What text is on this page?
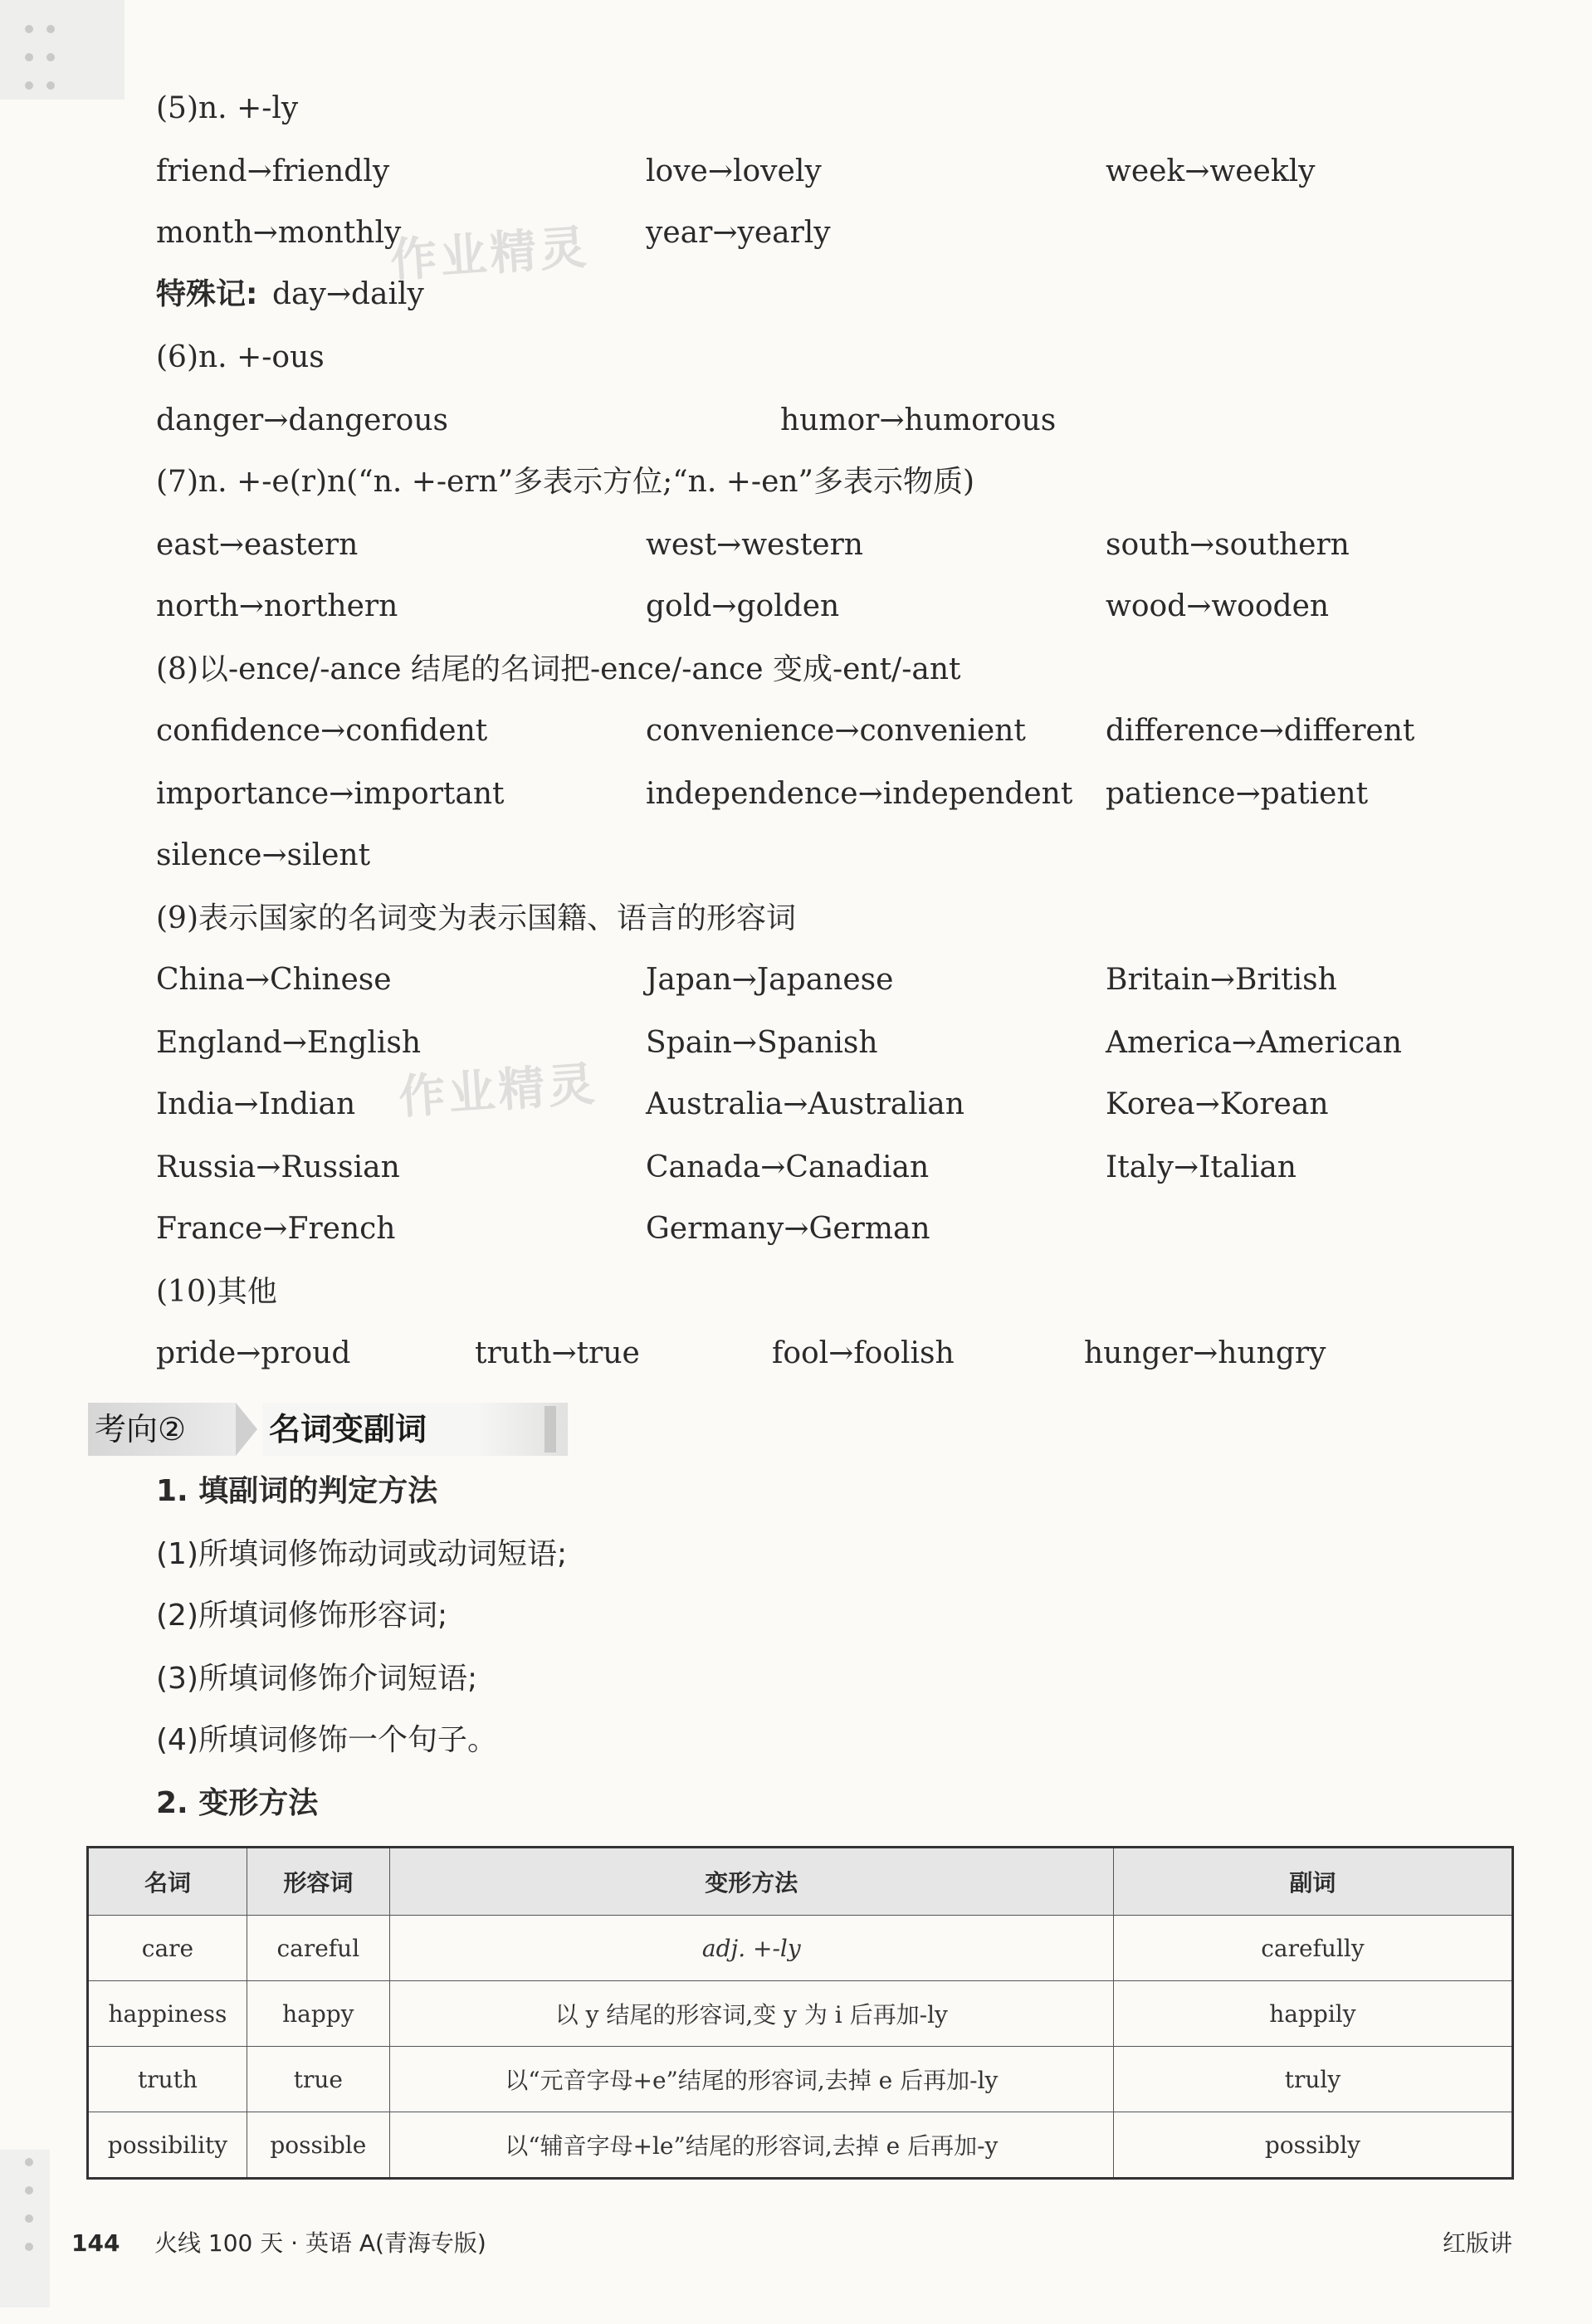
作业精灵
作业精灵
(5)n. +-ly
friend→friendly	love→lovely	week→weekly
month→monthly	year→yearly
特殊记: day→daily
(6)n. +-ous
danger→dangerous	humor→humorous
(7)n. +-e(r)n(“n. +-ern”多表示方位;“n. +-en”多表示物质)
east→eastern	west→western	south→southern
north→northern	gold→golden	wood→wooden
(8)以-ence/-ance 结尾的名词把-ence/-ance 变成-ent/-ant
confidence→confident	convenience→convenient	difference→different
importance→important	independence→independent patience→patient
silence→silent
(9)表示国家的名词变为表示国籍、语言的形容词
China→Chinese	Japan→Japanese	Britain→British
England→English	Spain→Spanish	America→American
India→Indian	Australia→Australian	Korea→Korean
Russia→Russian	Canada→Canadian	Italy→Italian
France→French	Germany→German
(10)其他
pride→proud	truth→true	fool→foolish	hunger→hungry
考向②	名词变副词
1. 填副词的判定方法
(1)所填词修饰动词或动词短语;
(2)所填词修饰形容词;
(3)所填词修饰介词短语;
(4)所填词修饰一个句子。
2. 变形方法
名词	形容词	变形方法	副词
care	careful	adj. +-ly	carefully
happiness	happy	以 y 结尾的形容词,变 y 为 i 后再加-ly	happily
truth	true	以“元音字母+e”结尾的形容词,去掉 e 后再加-ly	truly
possibility	possible	以“辅音字母+le”结尾的形容词,去掉 e 后再加-y	possibly
144 火线 100 天 · 英语 A(青海专版)	红版讲
